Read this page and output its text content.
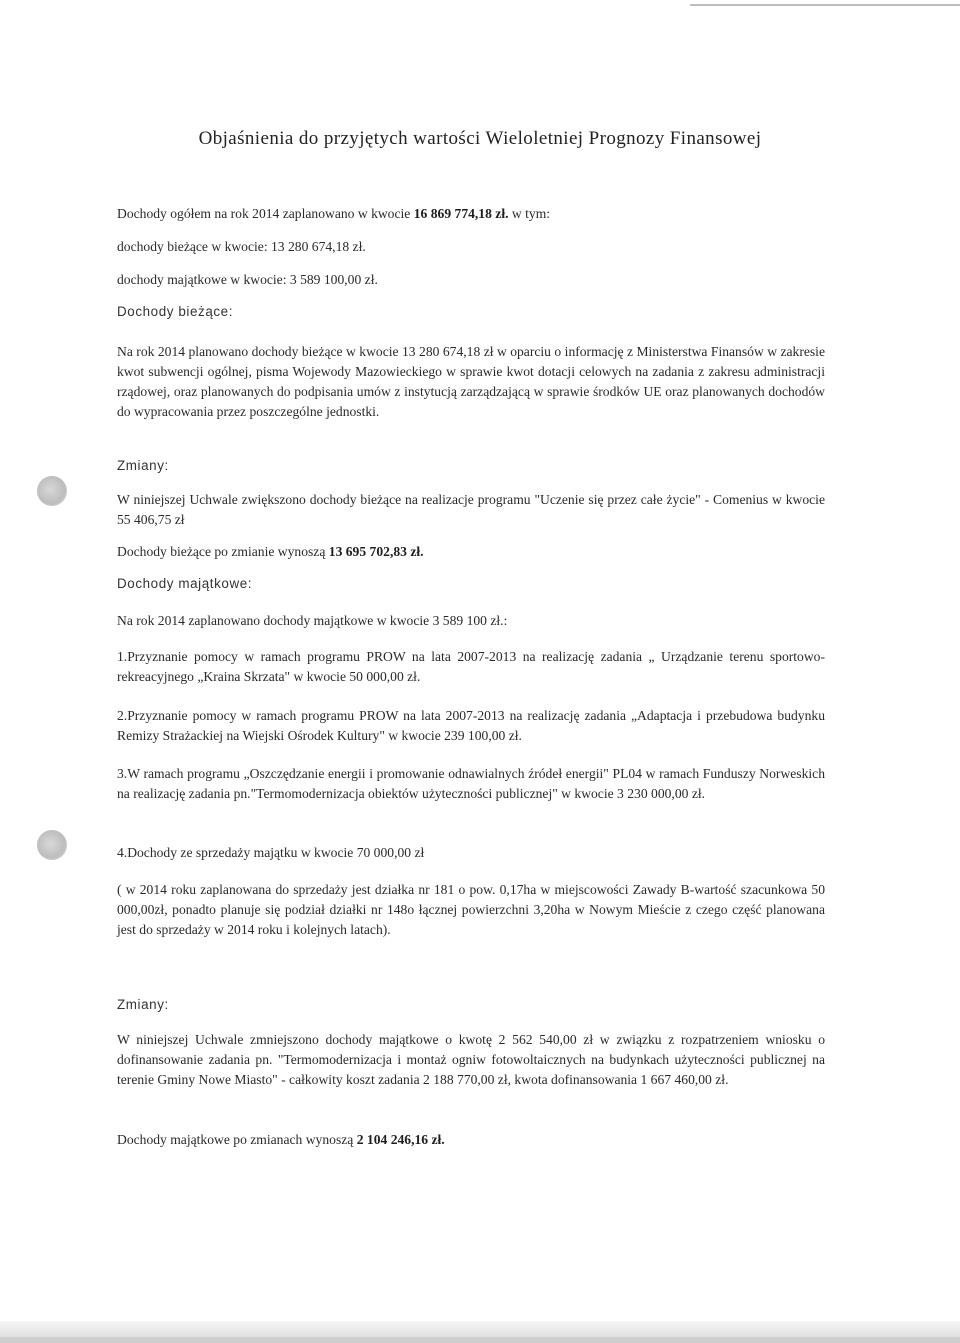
Objaśnienia do przyjętych wartości Wieloletniej Prognozy Finansowej

Dochody ogółem na rok 2014 zaplanowano w kwocie 16 869 774,18 zł. w tym:

dochody bieżące w kwocie: 13 280 674,18 zł.

dochody majątkowe w kwocie: 3 589 100,00 zł.

Dochody bieżące:

Na rok 2014 planowano dochody bieżące w kwocie 13 280 674,18 zł w oparciu o informację z Ministerstwa Finansów w zakresie kwot subwencji ogólnej, pisma Wojewody Mazowieckiego w sprawie kwot dotacji celowych na zadania z zakresu administracji rządowej, oraz planowanych do podpisania umów z instytucją zarządzającą w sprawie środków UE oraz planowanych dochodów do wypracowania przez poszczególne jednostki.

Zmiany:

W niniejszej Uchwale zwiększono dochody bieżące na realizacje programu "Uczenie się przez całe życie" - Comenius w kwocie 55 406,75 zł

Dochody bieżące po zmianie wynoszą 13 695 702,83 zł.

Dochody majątkowe:

Na rok 2014 zaplanowano dochody majątkowe w kwocie 3 589 100 zł.:

1.Przyznanie pomocy w ramach programu PROW na lata 2007-2013 na realizację zadania „ Urządzanie terenu sportowo-rekreacyjnego „Kraina Skrzata" w kwocie 50 000,00 zł.

2.Przyznanie pomocy w ramach programu PROW na lata 2007-2013 na realizację zadania „Adaptacja i przebudowa budynku Remizy Strażackiej na Wiejski Ośrodek Kultury" w kwocie 239 100,00 zł.

3.W ramach programu „Oszczędzanie energii i promowanie odnawialnych źródeł energii" PL04 w ramach Funduszy Norweskich na realizację zadania pn."Termomodernizacja obiektów użyteczności publicznej" w kwocie 3 230 000,00 zł.

4.Dochody ze sprzedaży majątku w kwocie 70 000,00 zł

( w 2014 roku zaplanowana do sprzedaży jest działka nr 181 o pow. 0,17ha w miejscowości Zawady B-wartość szacunkowa 50 000,00zł, ponadto planuje się podział działki nr 148o łącznej powierzchni 3,20ha w Nowym Mieście z czego część planowana jest do sprzedaży w 2014 roku i kolejnych latach).

Zmiany:

W niniejszej Uchwale zmniejszono dochody majątkowe o kwotę 2 562 540,00 zł w związku z rozpatrzeniem wniosku o dofinansowanie zadania pn. "Termomodernizacja i montaż ogniw fotowoltaicznych na budynkach użyteczności publicznej na terenie Gminy Nowe Miasto" - całkowity koszt zadania 2 188 770,00 zł, kwota dofinansowania 1 667 460,00 zł.

Dochody majątkowe po zmianach wynoszą 2 104 246,16 zł.
